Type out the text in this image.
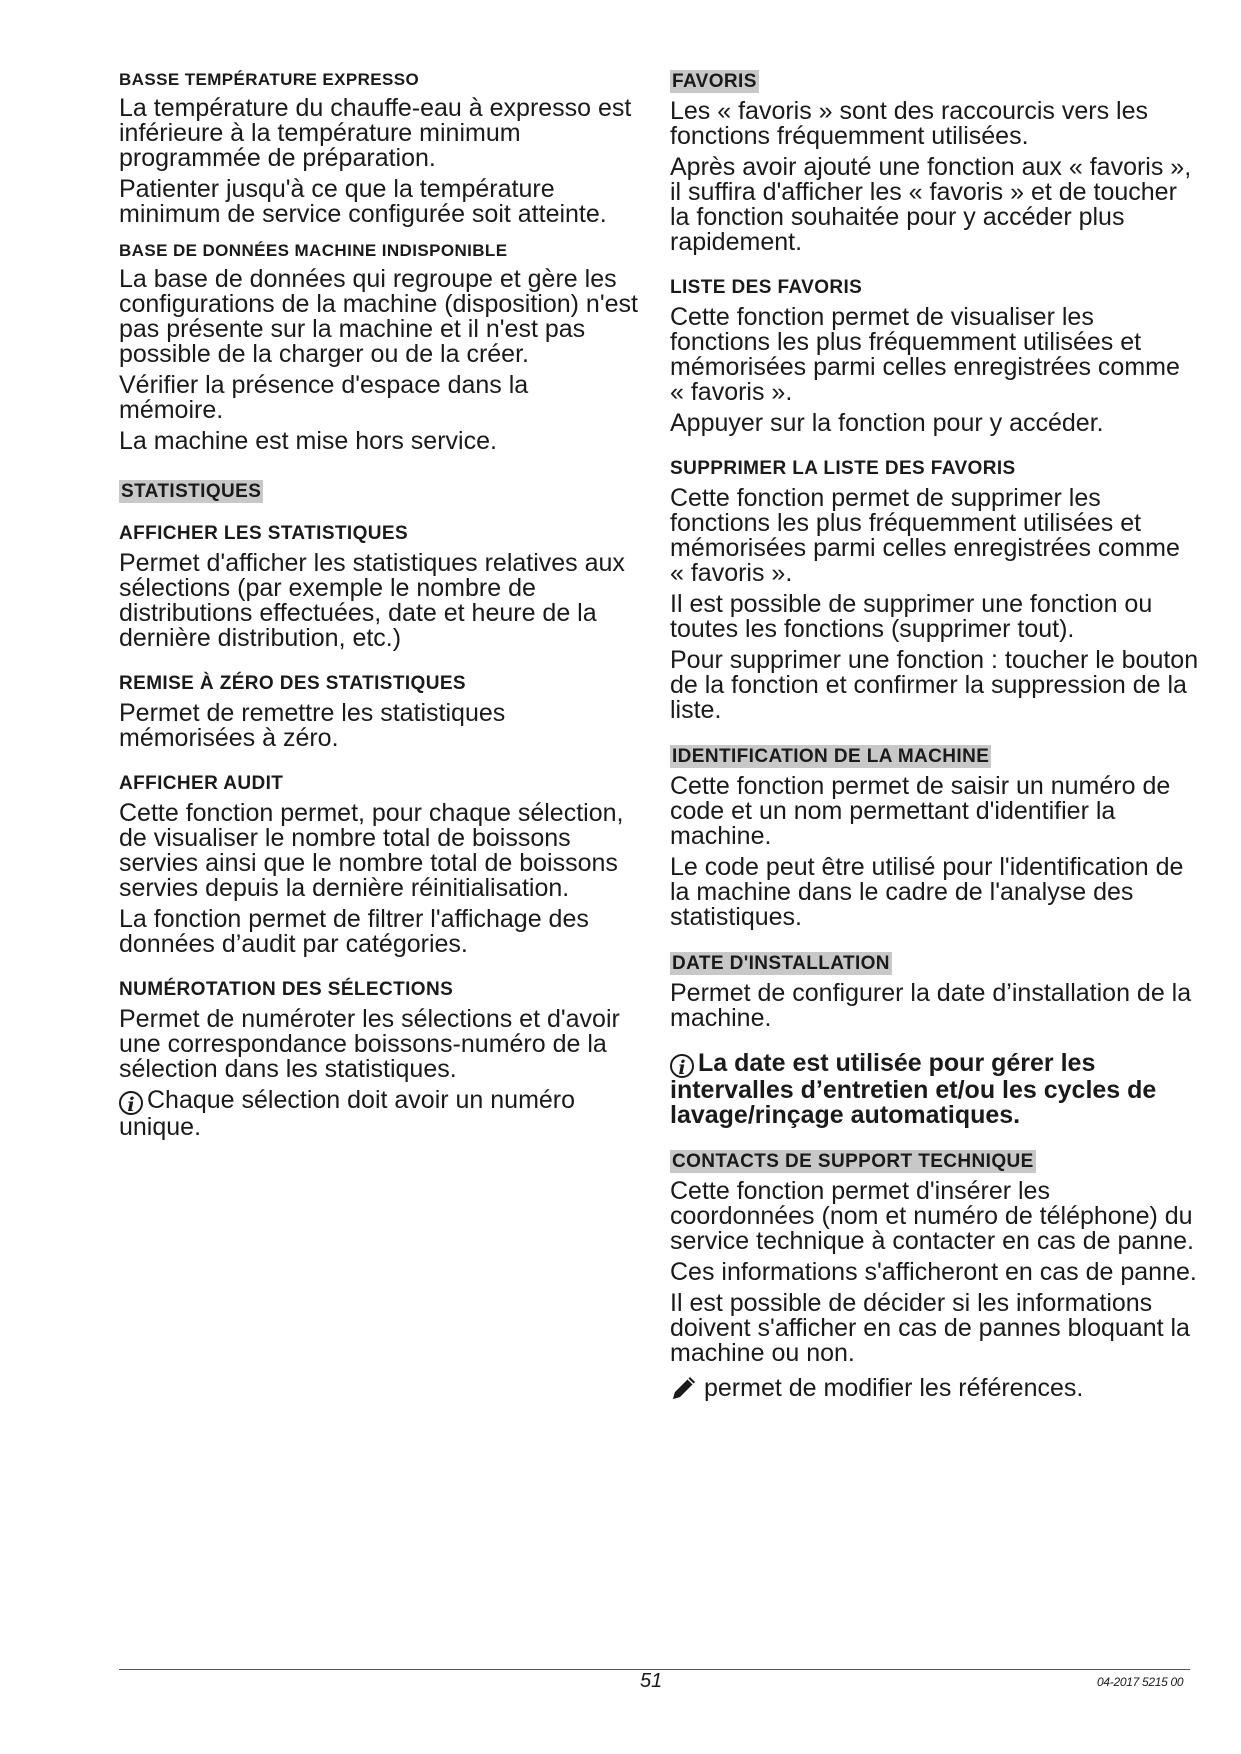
BASSE TEMPÉRATURE EXPRESSO
La température du chauffe-eau à expresso est inférieure à la température minimum programmée de préparation.
Patienter jusqu'à ce que la température minimum de service configurée soit atteinte.
BASE DE DONNÉES MACHINE INDISPONIBLE
La base de données qui regroupe et gère les configurations de la machine (disposition) n'est pas présente sur la machine et il n'est pas possible de la charger ou de la créer.
Vérifier la présence d'espace dans la mémoire.
La machine est mise hors service.
STATISTIQUES
AFFICHER LES STATISTIQUES
Permet d'afficher les statistiques relatives aux sélections (par exemple le nombre de distributions effectuées, date et heure de la dernière distribution, etc.)
REMISE À ZÉRO DES STATISTIQUES
Permet de remettre les statistiques mémorisées à zéro.
AFFICHER AUDIT
Cette fonction permet, pour chaque sélection, de visualiser le nombre total de boissons servies ainsi que le nombre total de boissons servies depuis la dernière réinitialisation.
La fonction permet de filtrer l'affichage des données d’audit par catégories.
NUMÉROTATION DES SÉLECTIONS
Permet de numéroter les sélections et d'avoir une correspondance boissons-numéro de la sélection dans les statistiques.
i Chaque sélection doit avoir un numéro unique.
FAVORIS
Les « favoris » sont des raccourcis vers les fonctions fréquemment utilisées.
Après avoir ajouté une fonction aux « favoris », il suffira d'afficher les « favoris » et de toucher la fonction souhaitée pour y accéder plus rapidement.
LISTE DES FAVORIS
Cette fonction permet de visualiser les fonctions les plus fréquemment utilisées et mémorisées parmi celles enregistrées comme « favoris ».
Appuyer sur la fonction pour y accéder.
SUPPRIMER LA LISTE DES FAVORIS
Cette fonction permet de supprimer les fonctions les plus fréquemment utilisées et mémorisées parmi celles enregistrées comme « favoris ».
Il est possible de supprimer une fonction ou toutes les fonctions (supprimer tout).
Pour supprimer une fonction : toucher le bouton de la fonction et confirmer la suppression de la liste.
IDENTIFICATION DE LA MACHINE
Cette fonction permet de saisir un numéro de code et un nom permettant d'identifier la machine.
Le code peut être utilisé pour l'identification de la machine dans le cadre de l'analyse des statistiques.
DATE D'INSTALLATION
Permet de configurer la date d’installation de la machine.
i La date est utilisée pour gérer les intervalles d’entretien et/ou les cycles de lavage/rinçage automatiques.
CONTACTS DE SUPPORT TECHNIQUE
Cette fonction permet d'insérer les coordonnées (nom et numéro de téléphone) du service technique à contacter en cas de panne.
Ces informations s'afficheront en cas de panne.
Il est possible de décider si les informations doivent s'afficher en cas de pannes bloquant la machine ou non.
permet de modifier les références.
51	04-2017 5215 00
